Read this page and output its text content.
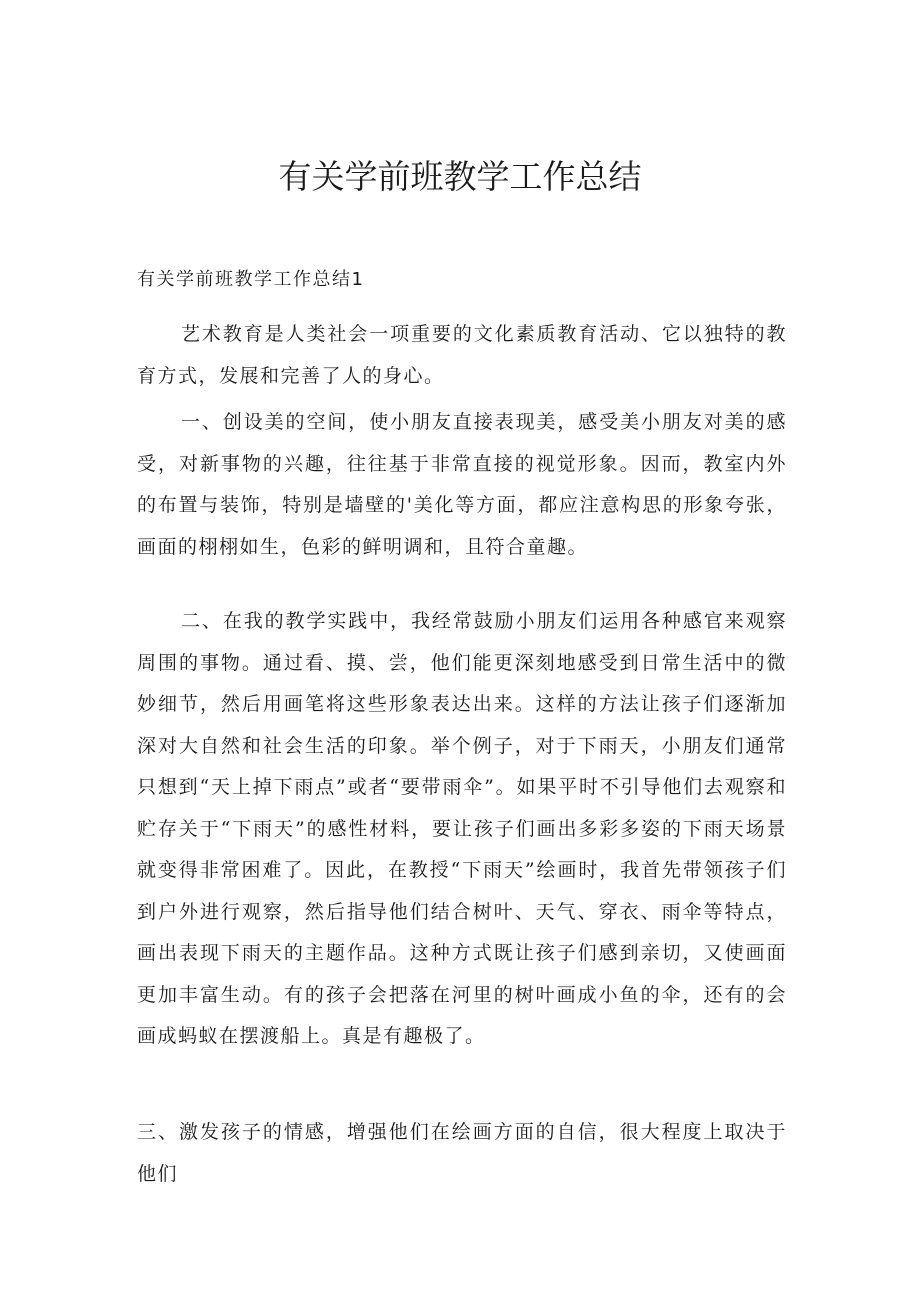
有关学前班教学工作总结
有关学前班教学工作总结1

艺术教育是人类社会一项重要的文化素质教育活动、它以独特的教育方式，发展和完善了人的身心。

一、创设美的空间，使小朋友直接表现美，感受美小朋友对美的感受，对新事物的兴趣，往往基于非常直接的视觉形象。因而，教室内外的布置与装饰，特别是墙壁的'美化等方面，都应注意构思的形象夸张，画面的栩栩如生，色彩的鲜明调和，且符合童趣。

二、在我的教学实践中，我经常鼓励小朋友们运用各种感官来观察周围的事物。通过看、摸、尝，他们能更深刻地感受到日常生活中的微妙细节，然后用画笔将这些形象表达出来。这样的方法让孩子们逐渐加深对大自然和社会生活的印象。举个例子，对于下雨天，小朋友们通常只想到“天上掉下雨点”或者“要带雨伞”。如果平时不引导他们去观察和贮存关于“下雨天”的感性材料，要让孩子们画出多彩多姿的下雨天场景就变得非常困难了。因此，在教授“下雨天”绘画时，我首先带领孩子们到户外进行观察，然后指导他们结合树叶、天气、穿衣、雨伞等特点，画出表现下雨天的主题作品。这种方式既让孩子们感到亲切，又使画面更加丰富生动。有的孩子会把落在河里的树叶画成小鱼的伞，还有的会画成蚂蚁在摆渡船上。真是有趣极了。

三、激发孩子的情感，增强他们在绘画方面的自信，很大程度上取决于他们
